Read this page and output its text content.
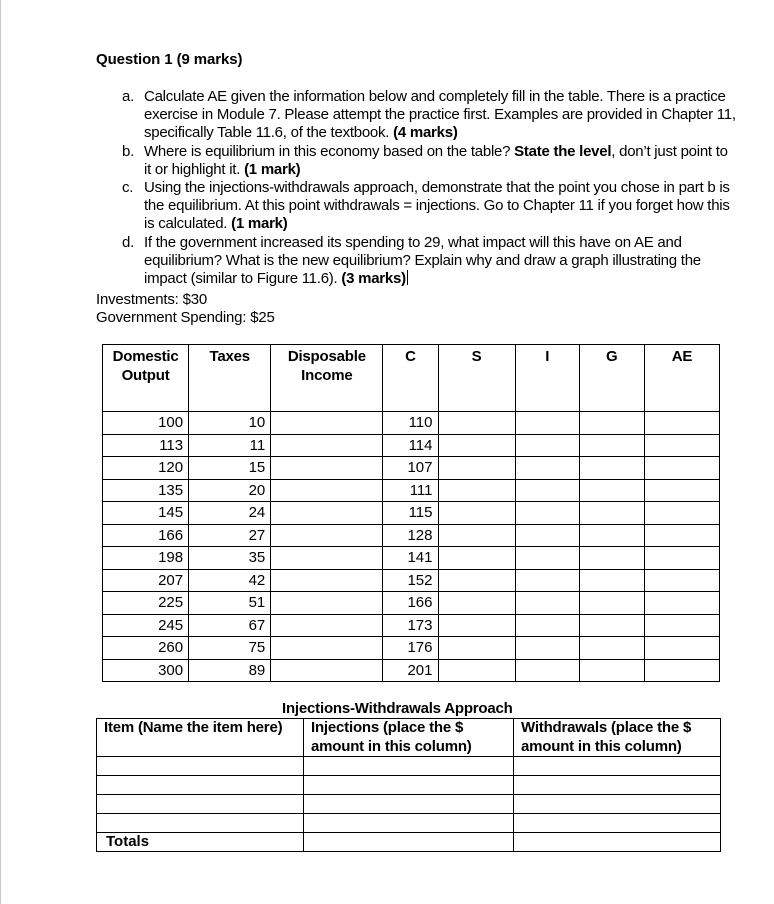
Question 1 (9 marks)
a. Calculate AE given the information below and completely fill in the table. There is a practice exercise in Module 7. Please attempt the practice first. Examples are provided in Chapter 11, specifically Table 11.6, of the textbook. (4 marks)
b. Where is equilibrium in this economy based on the table? State the level, don’t just point to it or highlight it. (1 mark)
c. Using the injections-withdrawals approach, demonstrate that the point you chose in part b is the equilibrium. At this point withdrawals = injections. Go to Chapter 11 if you forget how this is calculated. (1 mark)
d. If the government increased its spending to 29, what impact will this have on AE and equilibrium? What is the new equilibrium? Explain why and draw a graph illustrating the impact (similar to Figure 11.6). (3 marks)
Investments: $30
Government Spending: $25
Domestic Output	Taxes	Disposable Income	C	S	I	G	AE
100	10		110				
113	11		114				
120	15		107				
135	20		111				
145	24		115				
166	27		128				
198	35		141				
207	42		152				
225	51		166				
245	67		173				
260	75		176				
300	89		201				
Injections-Withdrawals Approach
Item (Name the item here)	Injections (place the $ amount in this column)	Withdrawals (place the $ amount in this column)

Totals		
